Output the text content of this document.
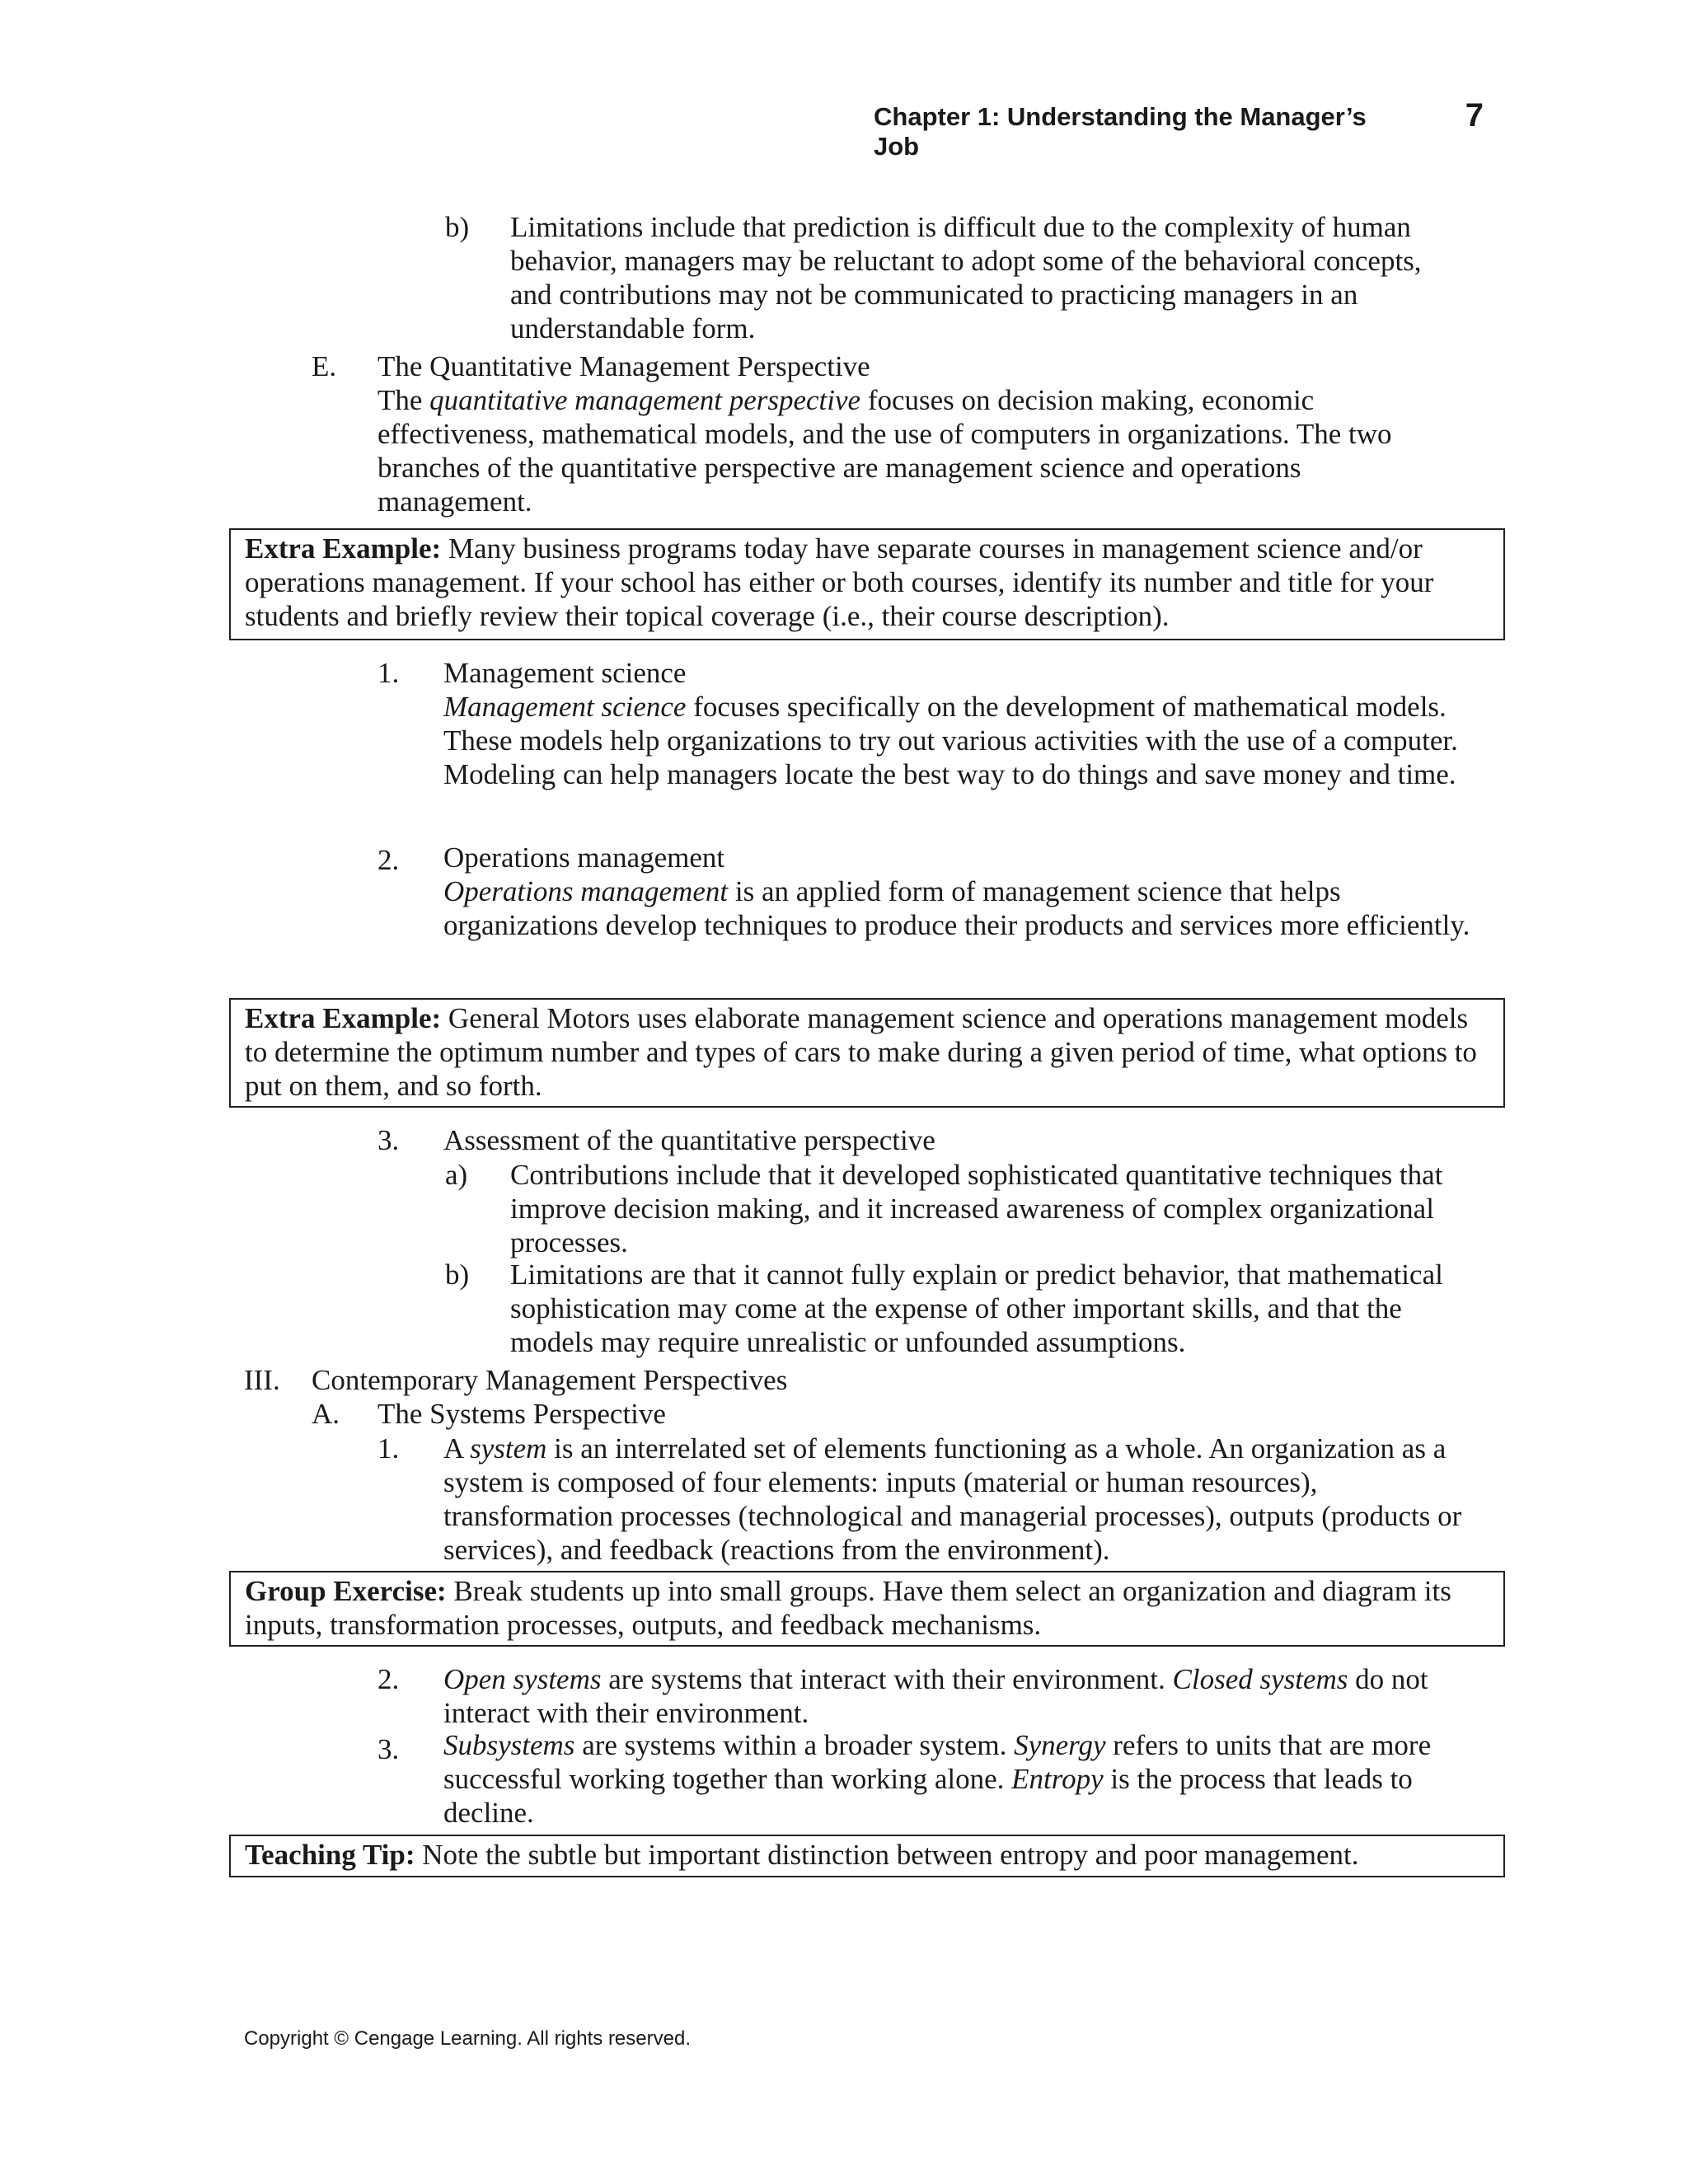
Chapter 1: Understanding the Manager’s Job
7
b) Limitations include that prediction is difficult due to the complexity of human behavior, managers may be reluctant to adopt some of the behavioral concepts, and contributions may not be communicated to practicing managers in an understandable form.
E. The Quantitative Management Perspective
The quantitative management perspective focuses on decision making, economic effectiveness, mathematical models, and the use of computers in organizations. The two branches of the quantitative perspective are management science and operations management.
Extra Example: Many business programs today have separate courses in management science and/or operations management. If your school has either or both courses, identify its number and title for your students and briefly review their topical coverage (i.e., their course description).
1. Management science
Management science focuses specifically on the development of mathematical models. These models help organizations to try out various activities with the use of a computer. Modeling can help managers locate the best way to do things and save money and time.
2. Operations management
Operations management is an applied form of management science that helps organizations develop techniques to produce their products and services more efficiently.
Extra Example: General Motors uses elaborate management science and operations management models to determine the optimum number and types of cars to make during a given period of time, what options to put on them, and so forth.
3. Assessment of the quantitative perspective
a) Contributions include that it developed sophisticated quantitative techniques that improve decision making, and it increased awareness of complex organizational processes.
b) Limitations are that it cannot fully explain or predict behavior, that mathematical sophistication may come at the expense of other important skills, and that the models may require unrealistic or unfounded assumptions.
III. Contemporary Management Perspectives
A. The Systems Perspective
1. A system is an interrelated set of elements functioning as a whole. An organization as a system is composed of four elements: inputs (material or human resources), transformation processes (technological and managerial processes), outputs (products or services), and feedback (reactions from the environment).
Group Exercise: Break students up into small groups. Have them select an organization and diagram its inputs, transformation processes, outputs, and feedback mechanisms.
2. Open systems are systems that interact with their environment. Closed systems do not interact with their environment.
3. Subsystems are systems within a broader system. Synergy refers to units that are more successful working together than working alone. Entropy is the process that leads to decline.
Teaching Tip: Note the subtle but important distinction between entropy and poor management.
Copyright © Cengage Learning. All rights reserved.
